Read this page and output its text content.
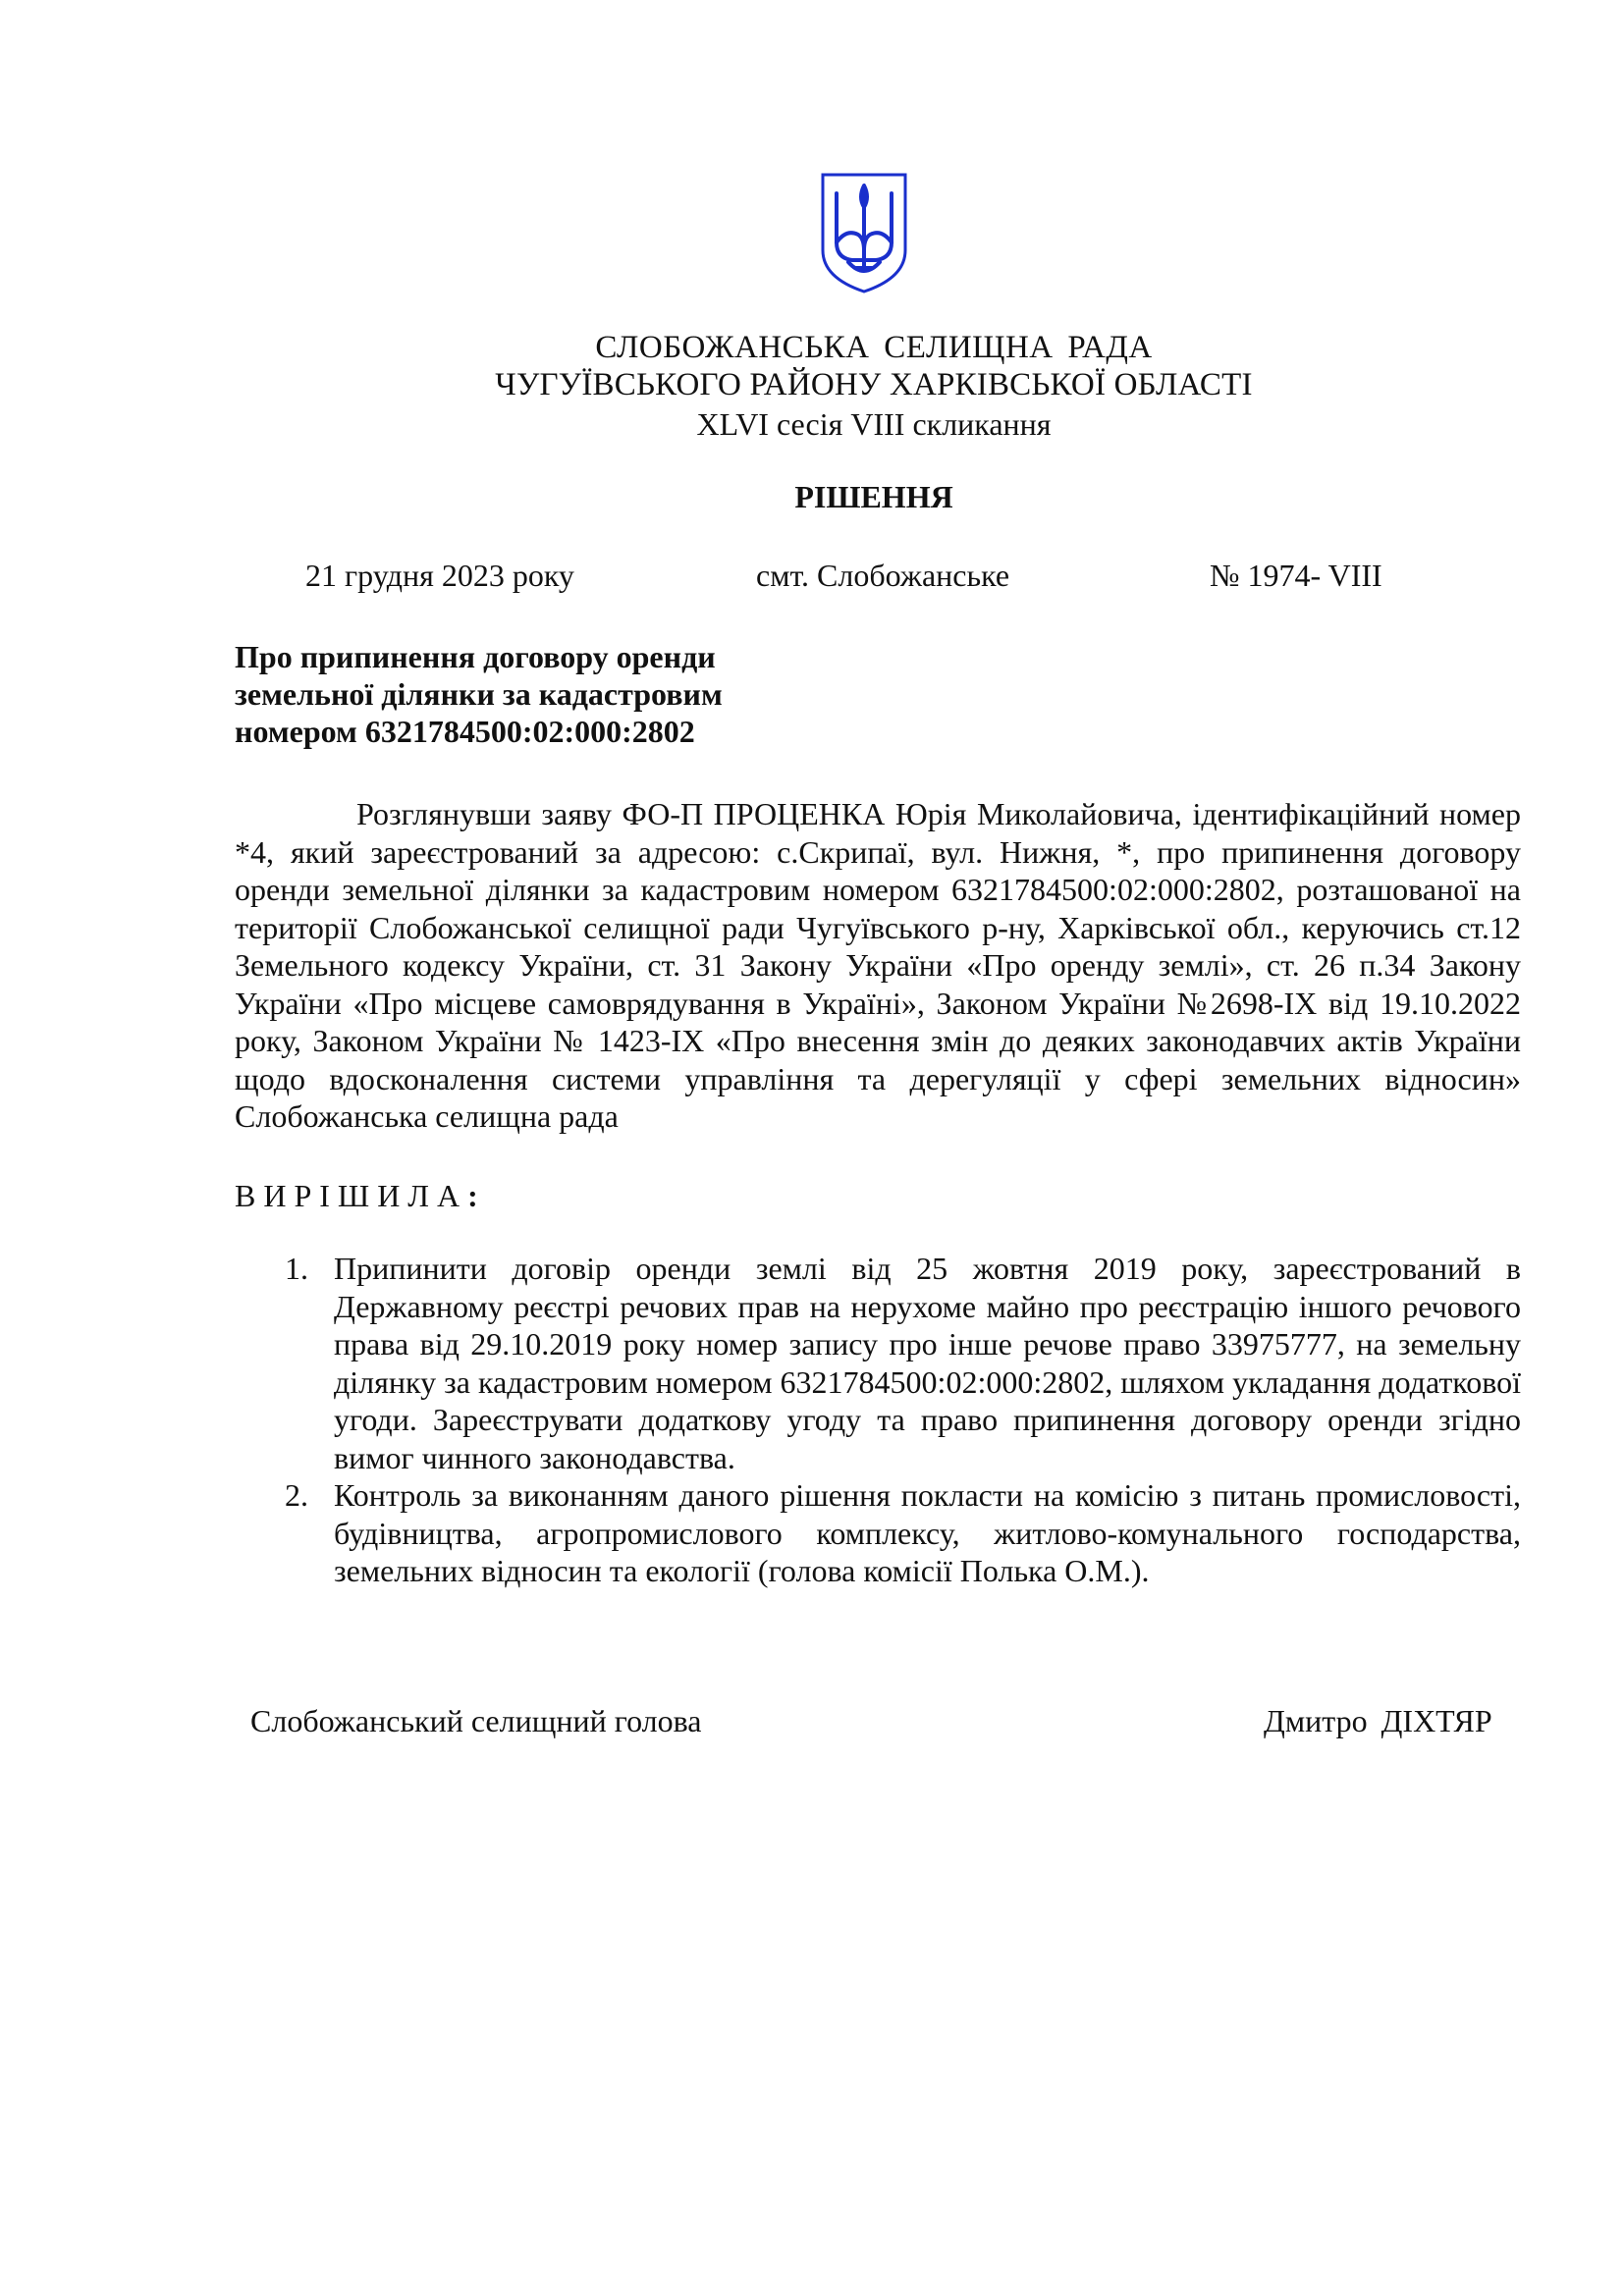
СЛОБОЖАНСЬКА СЕЛИЩНА РАДА
ЧУГУЇВСЬКОГО РАЙОНУ ХАРКІВСЬКОЇ ОБЛАСТІ
XLVI сесія VIII скликання
РІШЕННЯ
21 грудня 2023 року	смт. Слобожанське	№ 1974- VIII
Про припинення договору оренди
земельної ділянки за кадастровим
номером 6321784500:02:000:2802

Розглянувши заяву ФО-П ПРОЦЕНКА Юрія Миколайовича, ідентифікаційний номер *4, який зареєстрований за адресою: с.Скрипаї, вул. Нижня, *, про припинення договору оренди земельної ділянки за кадастровим номером 6321784500:02:000:2802, розташованої на території Слобожанської селищної ради Чугуївського р-ну, Харківської обл., керуючись ст.12 Земельного кодексу України, ст. 31 Закону України «Про оренду землі», ст. 26 п.34 Закону України «Про місцеве самоврядування в Україні», Законом України №2698-IX від 19.10.2022 року, Законом України № 1423-IX «Про внесення змін до деяких законодавчих актів України щодо вдосконалення системи управління та дерегуляції у сфері земельних відносин» Слобожанська селищна рада

ВИРІШИЛА:
1. Припинити договір оренди землі від 25 жовтня 2019 року, зареєстрований в Державному реєстрі речових прав на нерухоме майно про реєстрацію іншого речового права від 29.10.2019 року номер запису про інше речове право 33975777, на земельну ділянку за кадастровим номером 6321784500:02:000:2802, шляхом укладання додаткової угоди. Зареєструвати додаткову угоду та право припинення договору оренди згідно вимог чинного законодавства.
2. Контроль за виконанням даного рішення покласти на комісію з питань промисловості, будівництва, агропромислового комплексу, житлово-комунального господарства, земельних відносин та екології (голова комісії Полька О.М.).
Слобожанський селищний голова	Дмитро ДІХТЯР
